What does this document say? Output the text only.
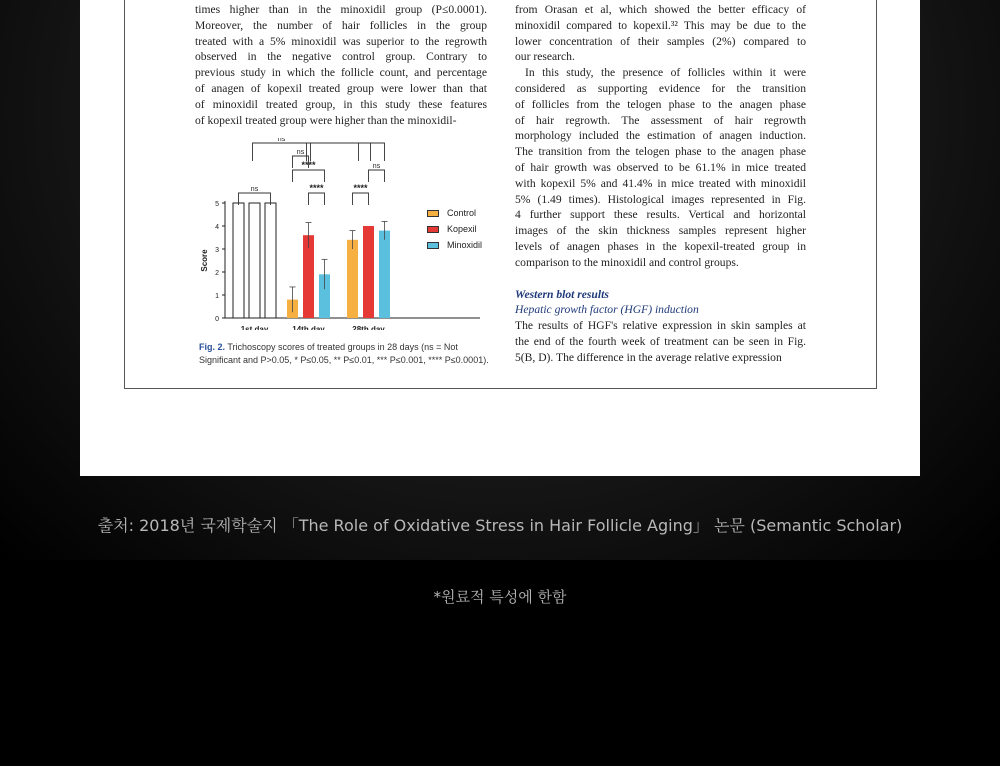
times higher than in the minoxidil group (P≤0.0001).
Moreover, the number of hair follicles in the group
treated with a 5% minoxidil was superior to the regrowth
observed in the negative control group. Contrary to
previous study in which the follicle count, and percentage
of anagen of kopexil treated group were lower than that
of minoxidil treated group, in this study these features
of kopexil treated group were higher than the minoxidil-
from Orasan et al, which showed the better efficacy of
minoxidil compared to kopexil.³² This may be due to the
lower concentration of their samples (2%) compared to
our research.
In this study, the presence of follicles within it were
considered as supporting evidence for the transition
of follicles from the telogen phase to the anagen phase
of hair regrowth. The assessment of hair regrowth
morphology included the estimation of anagen induction.
The transition from the telogen phase to the anagen phase
of hair growth was observed to be 61.1% in mice treated
with kopexil 5% and 41.4% in mice treated with minoxidil
5% (1.49 times). Histological images represented in Fig.
4 further support these results. Vertical and horizontal
images of the skin thickness samples represent higher
levels of anagen phases in the kopexil-treated group in
comparison to the minoxidil and control groups.
Western blot results
Hepatic growth factor (HGF) induction
The results of HGF's relative expression in skin samples at
the end of the fourth week of treatment can be seen in Fig.
5(B, D). The difference in the average relative expression
0
1
2
3
4
5
Score
1st day	14th day	28th day
ns
ns
****
****	****
ns
ns	**** **
Control
Kopexil
Minoxidil
Fig. 2. Trichoscopy scores of treated groups in 28 days (ns = Not Significant and P>0.05, * P≤0.05, ** P≤0.01, *** P≤0.001, **** P≤0.0001).
출처: 2018년 국제학술지 「The Role of Oxidative Stress in Hair Follicle Aging」 논문 (Semantic Scholar)
*원료적 특성에 한함
